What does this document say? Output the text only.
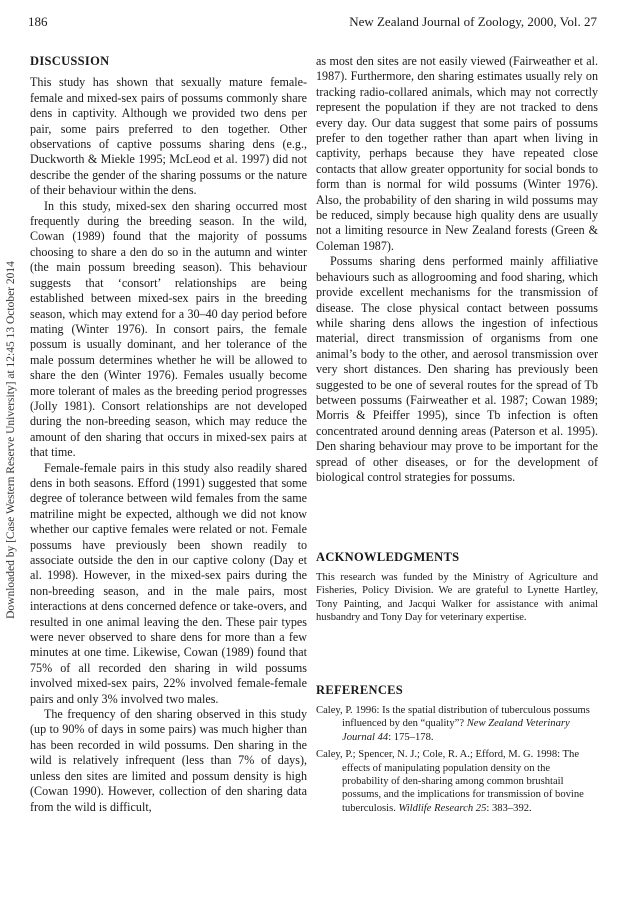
186	New Zealand Journal of Zoology, 2000, Vol. 27
Downloaded by [Case Western Reserve University] at 12:45 13 October 2014
DISCUSSION

This study has shown that sexually mature female-female and mixed-sex pairs of possums commonly share dens in captivity. Although we provided two dens per pair, some pairs preferred to den together. Other observations of captive possums sharing dens (e.g., Duckworth & Miekle 1995; McLeod et al. 1997) did not describe the gender of the sharing possums or the nature of their behaviour within the dens.

In this study, mixed-sex den sharing occurred most frequently during the breeding season. In the wild, Cowan (1989) found that the majority of possums choosing to share a den do so in the autumn and winter (the main possum breeding season). This behaviour suggests that ‘consort’ relationships are being established between mixed-sex pairs in the breeding season, which may extend for a 30–40 day period before mating (Winter 1976). In consort pairs, the female possum is usually dominant, and her tolerance of the male possum determines whether he will be allowed to share the den (Winter 1976). Females usually become more tolerant of males as the breeding period progresses (Jolly 1981). Consort relationships are not developed during the non-breeding season, which may reduce the amount of den sharing that occurs in mixed-sex pairs at that time.

Female-female pairs in this study also readily shared dens in both seasons. Efford (1991) suggested that some degree of tolerance between wild females from the same matriline might be expected, although we did not know whether our captive females were related or not. Female possums have previously been shown readily to associate outside the den in our captive colony (Day et al. 1998). However, in the mixed-sex pairs during the non-breeding season, and in the male pairs, most interactions at dens concerned defence or take-overs, and resulted in one animal leaving the den. These pair types were never observed to share dens for more than a few minutes at one time. Likewise, Cowan (1989) found that 75% of all recorded den sharing in wild possums involved mixed-sex pairs, 22% involved female-female pairs and only 3% involved two males.

The frequency of den sharing observed in this study (up to 90% of days in some pairs) was much higher than has been recorded in wild possums. Den sharing in the wild is relatively infrequent (less than 7% of days), unless den sites are limited and possum density is high (Cowan 1990). However, collection of den sharing data from the wild is difficult,

as most den sites are not easily viewed (Fairweather et al. 1987). Furthermore, den sharing estimates usually rely on tracking radio-collared animals, which may not correctly represent the population if they are not tracked to dens every day. Our data suggest that some pairs of possums prefer to den together rather than apart when living in captivity, perhaps because they have repeated close contacts that allow greater opportunity for social bonds to form than is normal for wild possums (Winter 1976). Also, the probability of den sharing in wild possums may be reduced, simply because high quality dens are usually not a limiting resource in New Zealand forests (Green & Coleman 1987).

Possums sharing dens performed mainly affiliative behaviours such as allogrooming and food sharing, which provide excellent mechanisms for the transmission of disease. The close physical contact between possums while sharing dens allows the ingestion of infectious material, direct transmission of organisms from one animal’s body to the other, and aerosol transmission over very short distances. Den sharing has previously been suggested to be one of several routes for the spread of Tb between possums (Fairweather et al. 1987; Cowan 1989; Morris & Pfeiffer 1995), since Tb infection is often concentrated around denning areas (Paterson et al. 1995). Den sharing behaviour may prove to be important for the spread of other diseases, or for the development of biological control strategies for possums.

ACKNOWLEDGMENTS

This research was funded by the Ministry of Agriculture and Fisheries, Policy Division. We are grateful to Lynette Hartley, Tony Painting, and Jacqui Walker for assistance with animal husbandry and Tony Day for veterinary expertise.

REFERENCES

Caley, P. 1996: Is the spatial distribution of tuberculous possums influenced by den “quality”? New Zealand Veterinary Journal 44: 175–178.

Caley, P.; Spencer, N. J.; Cole, R. A.; Efford, M. G. 1998: The effects of manipulating population density on the probability of den-sharing among common brushtail possums, and the implications for transmission of bovine tuberculosis. Wildlife Research 25: 383–392.
